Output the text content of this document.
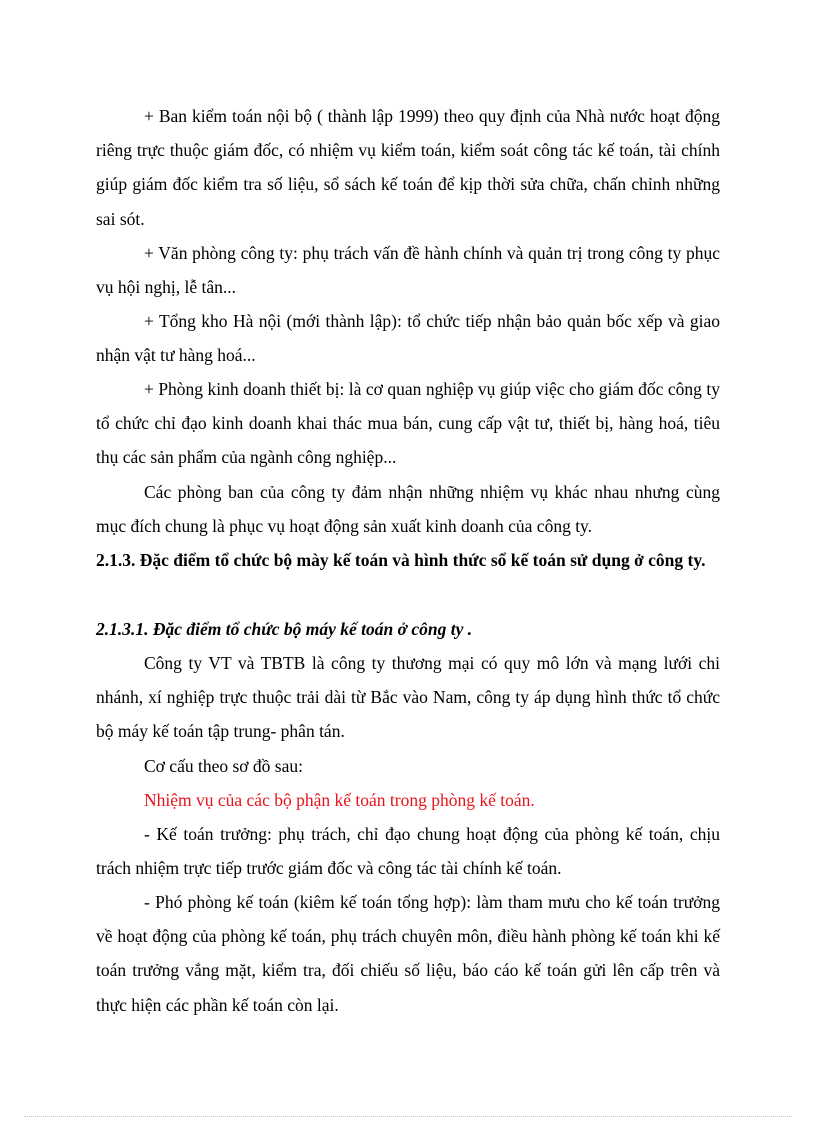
+ Ban kiểm toán nội bộ ( thành lập 1999) theo quy định của Nhà nước hoạt động riêng trực thuộc giám đốc, có nhiệm vụ kiểm toán, kiểm soát công tác kế toán, tài chính giúp giám đốc kiểm tra số liệu, sổ sách kế toán để kịp thời sửa chữa, chấn chỉnh những sai sót.

+ Văn phòng công ty: phụ trách vấn đề hành chính và quản trị trong công ty phục vụ hội nghị, lễ tân...

+ Tổng kho Hà nội (mới thành lập): tổ chức tiếp nhận bảo quản bốc xếp và giao nhận vật tư hàng hoá...

+ Phòng kinh doanh thiết bị: là cơ quan nghiệp vụ giúp việc cho giám đốc công ty tổ chức chỉ đạo kinh doanh khai thác mua bán, cung cấp vật tư, thiết bị, hàng hoá, tiêu thụ các sản phẩm của ngành công nghiệp...

Các phòng ban của công ty đảm nhận những nhiệm vụ khác nhau nhưng cùng mục đích chung là phục vụ hoạt động sản xuất kinh doanh của công ty.

2.1.3. Đặc điểm tổ chức bộ mày kế toán và hình thức sổ kế toán sử dụng ở công ty.

2.1.3.1. Đặc điểm tổ chức bộ máy kế toán ở công ty .

Công ty VT và TBTB là công ty thương mại có quy mô lớn và mạng lưới chi nhánh, xí nghiệp trực thuộc trải dài từ Bắc vào Nam, công ty áp dụng hình thức tổ chức bộ máy kế toán tập trung- phân tán.

Cơ cấu theo sơ đồ sau:

Nhiệm vụ của các bộ phận kế toán trong phòng kế toán.

- Kế toán trưởng: phụ trách, chỉ đạo chung hoạt động của phòng kế toán, chịu trách nhiệm trực tiếp trước giám đốc và công tác tài chính kế toán.

- Phó phòng kế toán (kiêm kế toán tổng hợp): làm tham mưu cho kế toán trưởng về hoạt động của phòng kế toán, phụ trách chuyên môn, điều hành phòng kế toán khi kế toán trưởng vắng mặt, kiểm tra, đối chiếu số liệu, báo cáo kế toán gửi lên cấp trên và thực hiện các phần kế toán còn lại.
